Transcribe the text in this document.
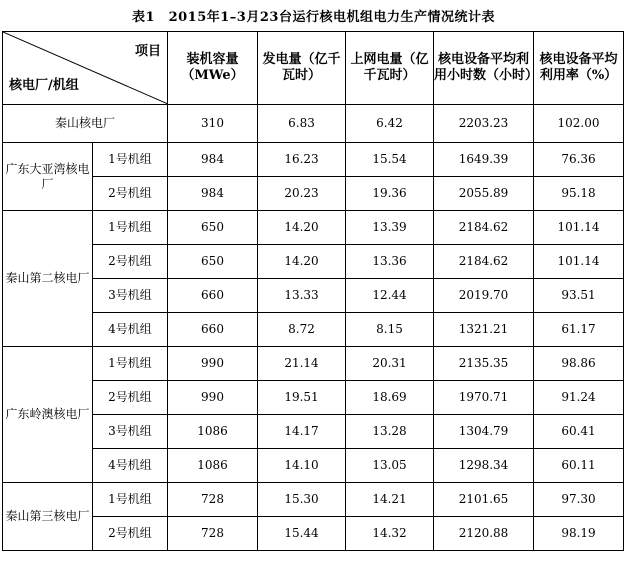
表1　2015年1–3月23台运行核电机组电力生产情况统计表
项目
核电厂/机组		装机容量（MWe）	发电量（亿千瓦时）	上网电量（亿千瓦时）	核电设备平均利用小时数（小时）	核电设备平均利用率（%）
秦山核电厂		310	6.83	6.42	2203.23	102.00
广东大亚湾核电厂	1号机组	984	16.23	15.54	1649.39	76.36
	2号机组	984	20.23	19.36	2055.89	95.18
秦山第二核电厂	1号机组	650	14.20	13.39	2184.62	101.14
	2号机组	650	14.20	13.36	2184.62	101.14
	3号机组	660	13.33	12.44	2019.70	93.51
	4号机组	660	8.72	8.15	1321.21	61.17
广东岭澳核电厂	1号机组	990	21.14	20.31	2135.35	98.86
	2号机组	990	19.51	18.69	1970.71	91.24
	3号机组	1086	14.17	13.28	1304.79	60.41
	4号机组	1086	14.10	13.05	1298.34	60.11
秦山第三核电厂	1号机组	728	15.30	14.21	2101.65	97.30
	2号机组	728	15.44	14.32	2120.88	98.19
